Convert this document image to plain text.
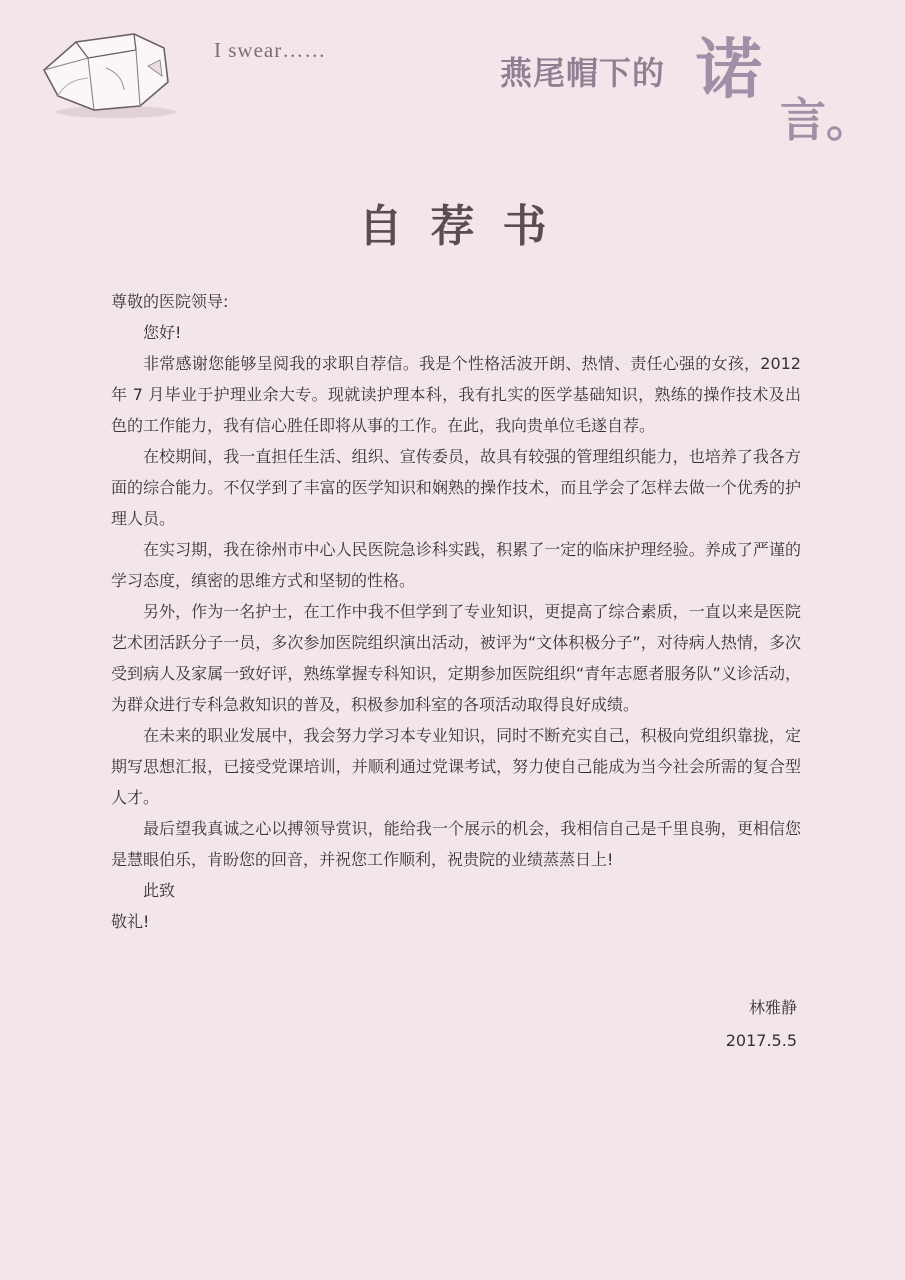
I swear……
燕尾帽下的 诺
言。
自荐书

尊敬的医院领导:

您好!

非常感谢您能够呈阅我的求职自荐信。我是个性格活波开朗、热情、责任心强的女孩，2012 年 7 月毕业于护理业余大专。现就读护理本科，我有扎实的医学基础知识，熟练的操作技术及出色的工作能力，我有信心胜任即将从事的工作。在此，我向贵单位毛遂自荐。

在校期间，我一直担任生活、组织、宣传委员，故具有较强的管理组织能力，也培养了我各方面的综合能力。不仅学到了丰富的医学知识和娴熟的操作技术，而且学会了怎样去做一个优秀的护理人员。

在实习期，我在徐州市中心人民医院急诊科实践，积累了一定的临床护理经验。养成了严谨的学习态度，缜密的思维方式和坚韧的性格。

另外，作为一名护士，在工作中我不但学到了专业知识，更提高了综合素质，一直以来是医院艺术团活跃分子一员，多次参加医院组织演出活动，被评为“文体积极分子”，对待病人热情，多次受到病人及家属一致好评，熟练掌握专科知识，定期参加医院组织“青年志愿者服务队”义诊活动，为群众进行专科急救知识的普及，积极参加科室的各项活动取得良好成绩。

在未来的职业发展中，我会努力学习本专业知识，同时不断充实自己，积极向党组织靠拢，定期写思想汇报，已接受党课培训，并顺利通过党课考试，努力使自己能成为当今社会所需的复合型人才。

最后望我真诚之心以搏领导赏识，能给我一个展示的机会，我相信自己是千里良驹，更相信您是慧眼伯乐，肯盼您的回音，并祝您工作顺利，祝贵院的业绩蒸蒸日上!

此致

敬礼!

林雅静
2017.5.5
